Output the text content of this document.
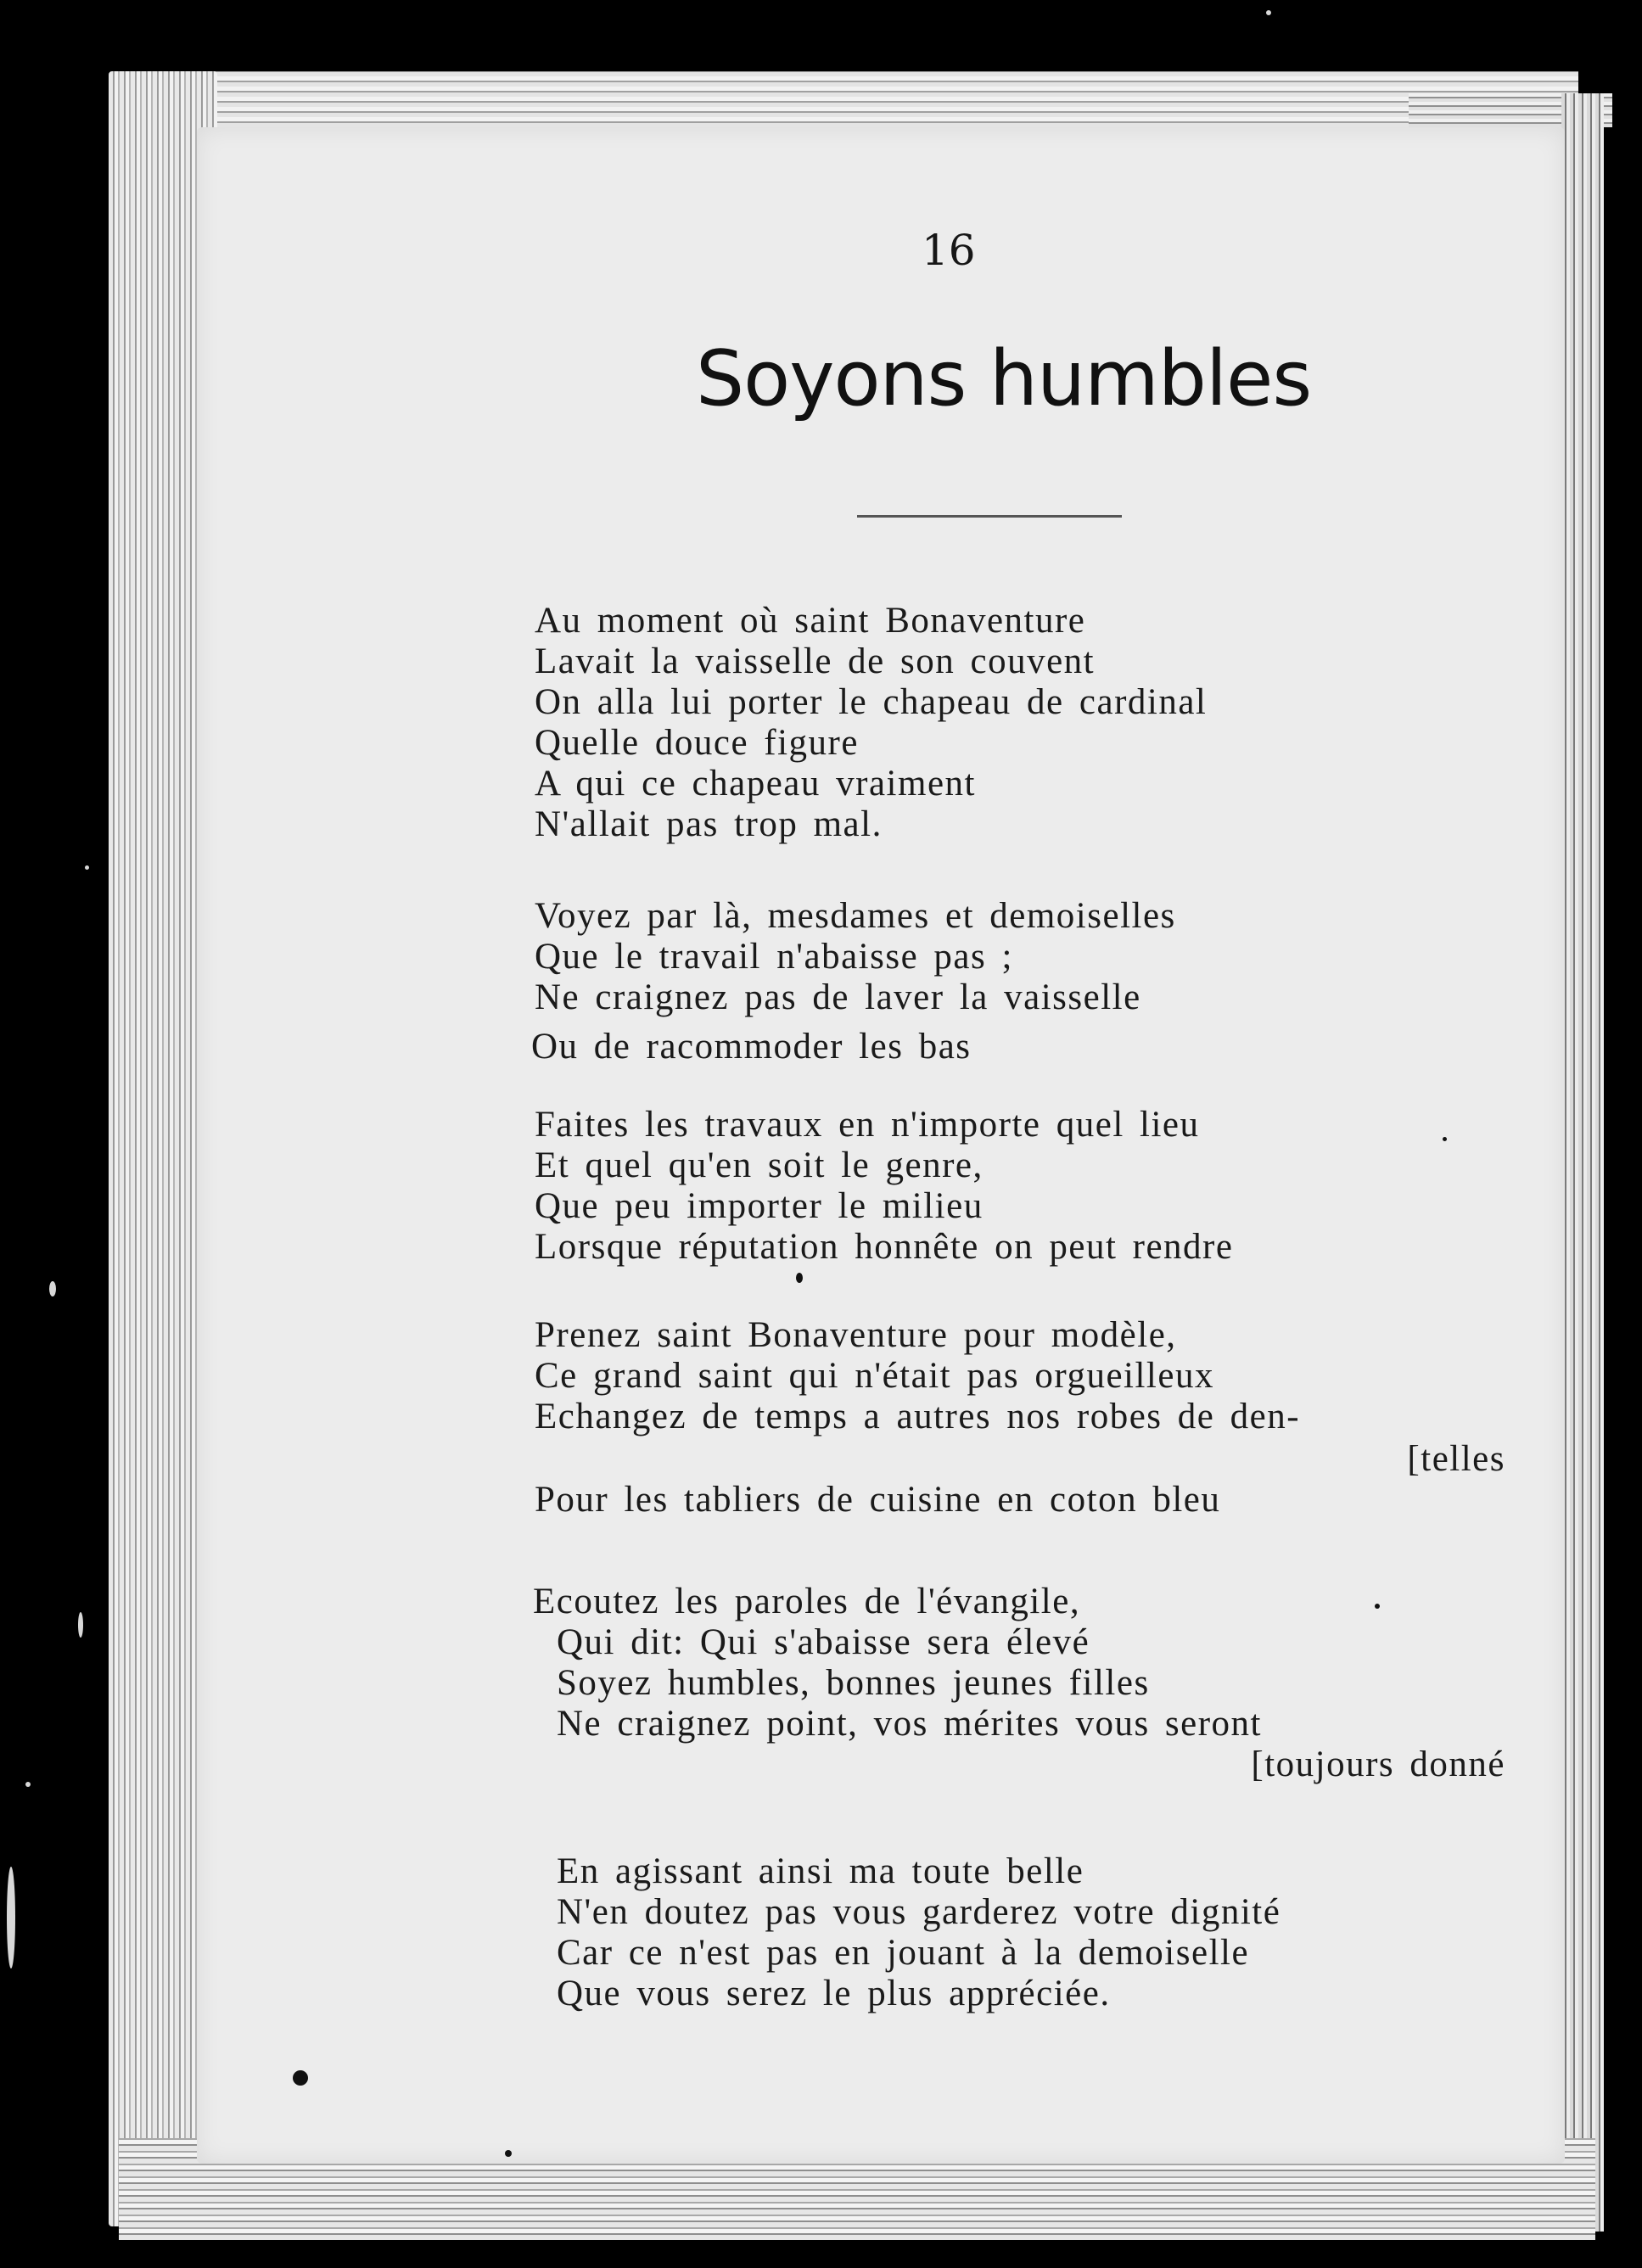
16

Soyons humbles

Au moment où saint Bonaventure

Lavait la vaisselle de son couvent

On alla lui porter le chapeau de cardinal

Quelle douce figure

A qui ce chapeau vraiment

N'allait pas trop mal.

Voyez par là, mesdames et demoiselles

Que le travail n'abaisse pas ;

Ne craignez pas de laver la vaisselle

Ou de racommoder les bas

Faites les travaux en n'importe quel lieu

Et quel qu'en soit le genre,

Que peu importer le milieu

Lorsque réputation honnête on peut rendre

Prenez saint Bonaventure pour modèle,

Ce grand saint qui n'était pas orgueilleux

Echangez de temps a autres nos robes de den-

[telles

Pour les tabliers de cuisine en coton bleu

Ecoutez les paroles de l'évangile,

Qui dit: Qui s'abaisse sera élevé

Soyez humbles, bonnes jeunes filles

Ne craignez point, vos mérites vous seront

[toujours donné

En agissant ainsi ma toute belle

N'en doutez pas vous garderez votre dignité

Car ce n'est pas en jouant à la demoiselle

Que vous serez le plus appréciée.
